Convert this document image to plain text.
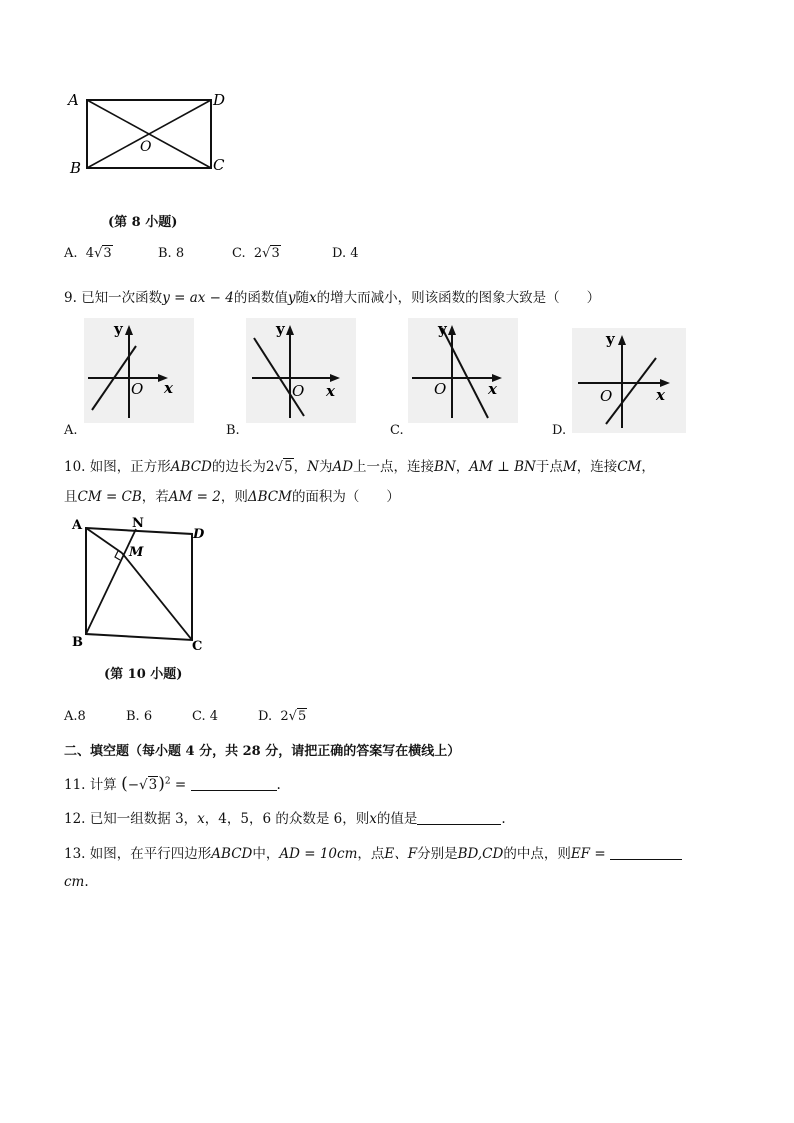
A	D
O
B	C
(第 8 小题)
A. 4√3	B. 8	C. 2√3	D. 4
9. 已知一次函数y = ax − 4的函数值y随x的增大而减小，则该函数的图象大致是（　　）
y
O x
A.
y
O x
B.
y
O	x
C.
y
O	x
D.
10. 如图，正方形ABCD的边长为2√5，N为AD上一点，连接BN，AM ⊥ BN于点M，连接CM，
且CM = CB，若AM = 2，则ΔBCM的面积为（　　）
A	N
D
M
B	C
(第 10 小题)
A.8	B. 6	C. 4	D. 2√5
二、填空题（每小题 4 分，共 28 分，请把正确的答案写在横线上）
11. 计算 $(-√3)^2$ =	.
12. 已知一组数据 3，x，4，5，6 的众数是 6，则x的值是	.
13. 如图，在平行四边形ABCD中，AD = 10cm，点E、F分别是BD,CD的中点，则EF =
cm.
